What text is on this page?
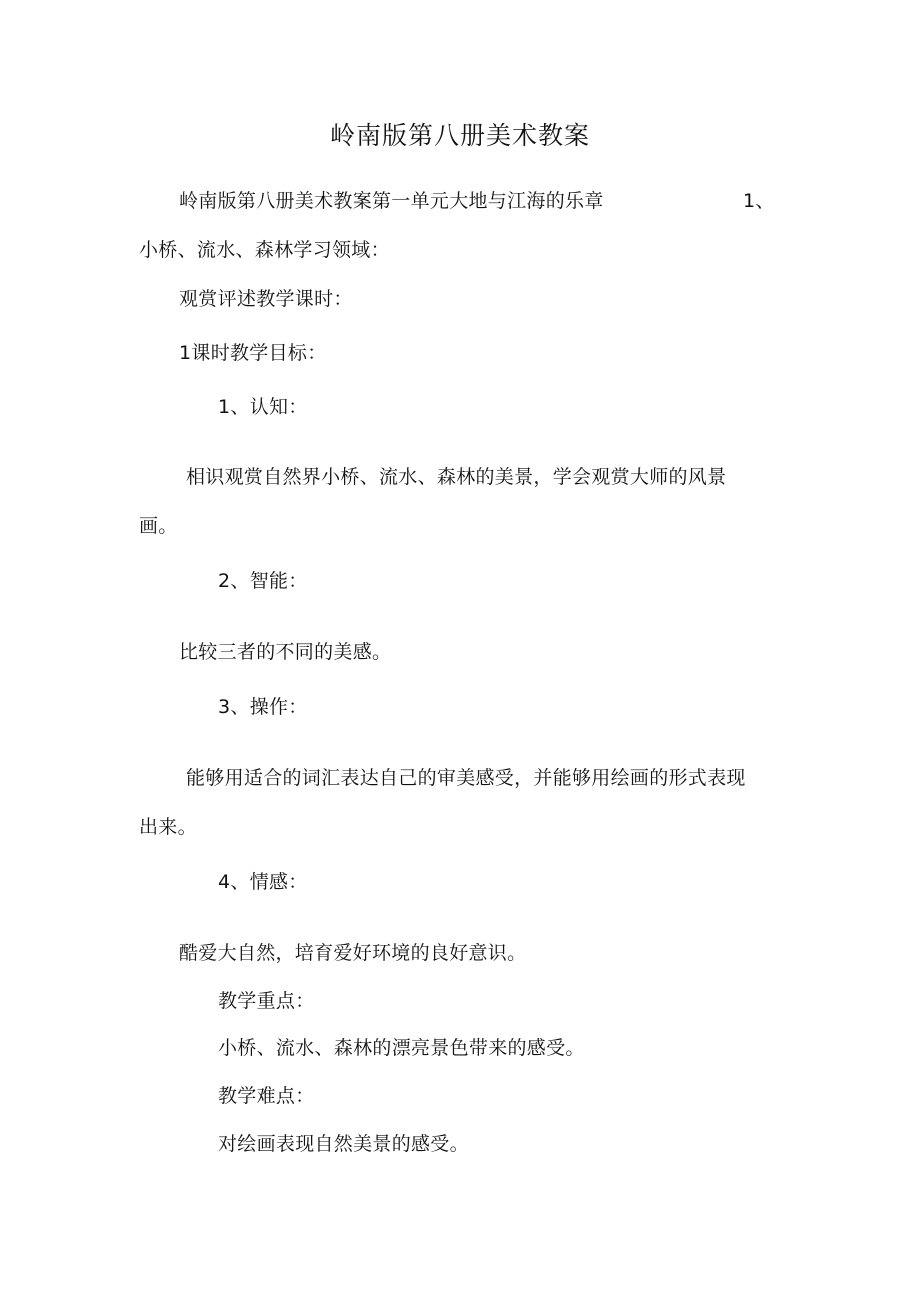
岭南版第八册美术教案
岭南版第八册美术教案第一单元大地与江海的乐章	1、
小桥、流水、森林学习领域：
观赏评述教学课时：
1课时教学目标：
1、认知：
相识观赏自然界小桥、流水、森林的美景，学会观赏大师的风景
画。
2、智能：
比较三者的不同的美感。
3、操作：
能够用适合的词汇表达自己的审美感受，并能够用绘画的形式表现
出来。
4、情感：
酷爱大自然，培育爱好环境的良好意识。
教学重点：
小桥、流水、森林的漂亮景色带来的感受。
教学难点：
对绘画表现自然美景的感受。
